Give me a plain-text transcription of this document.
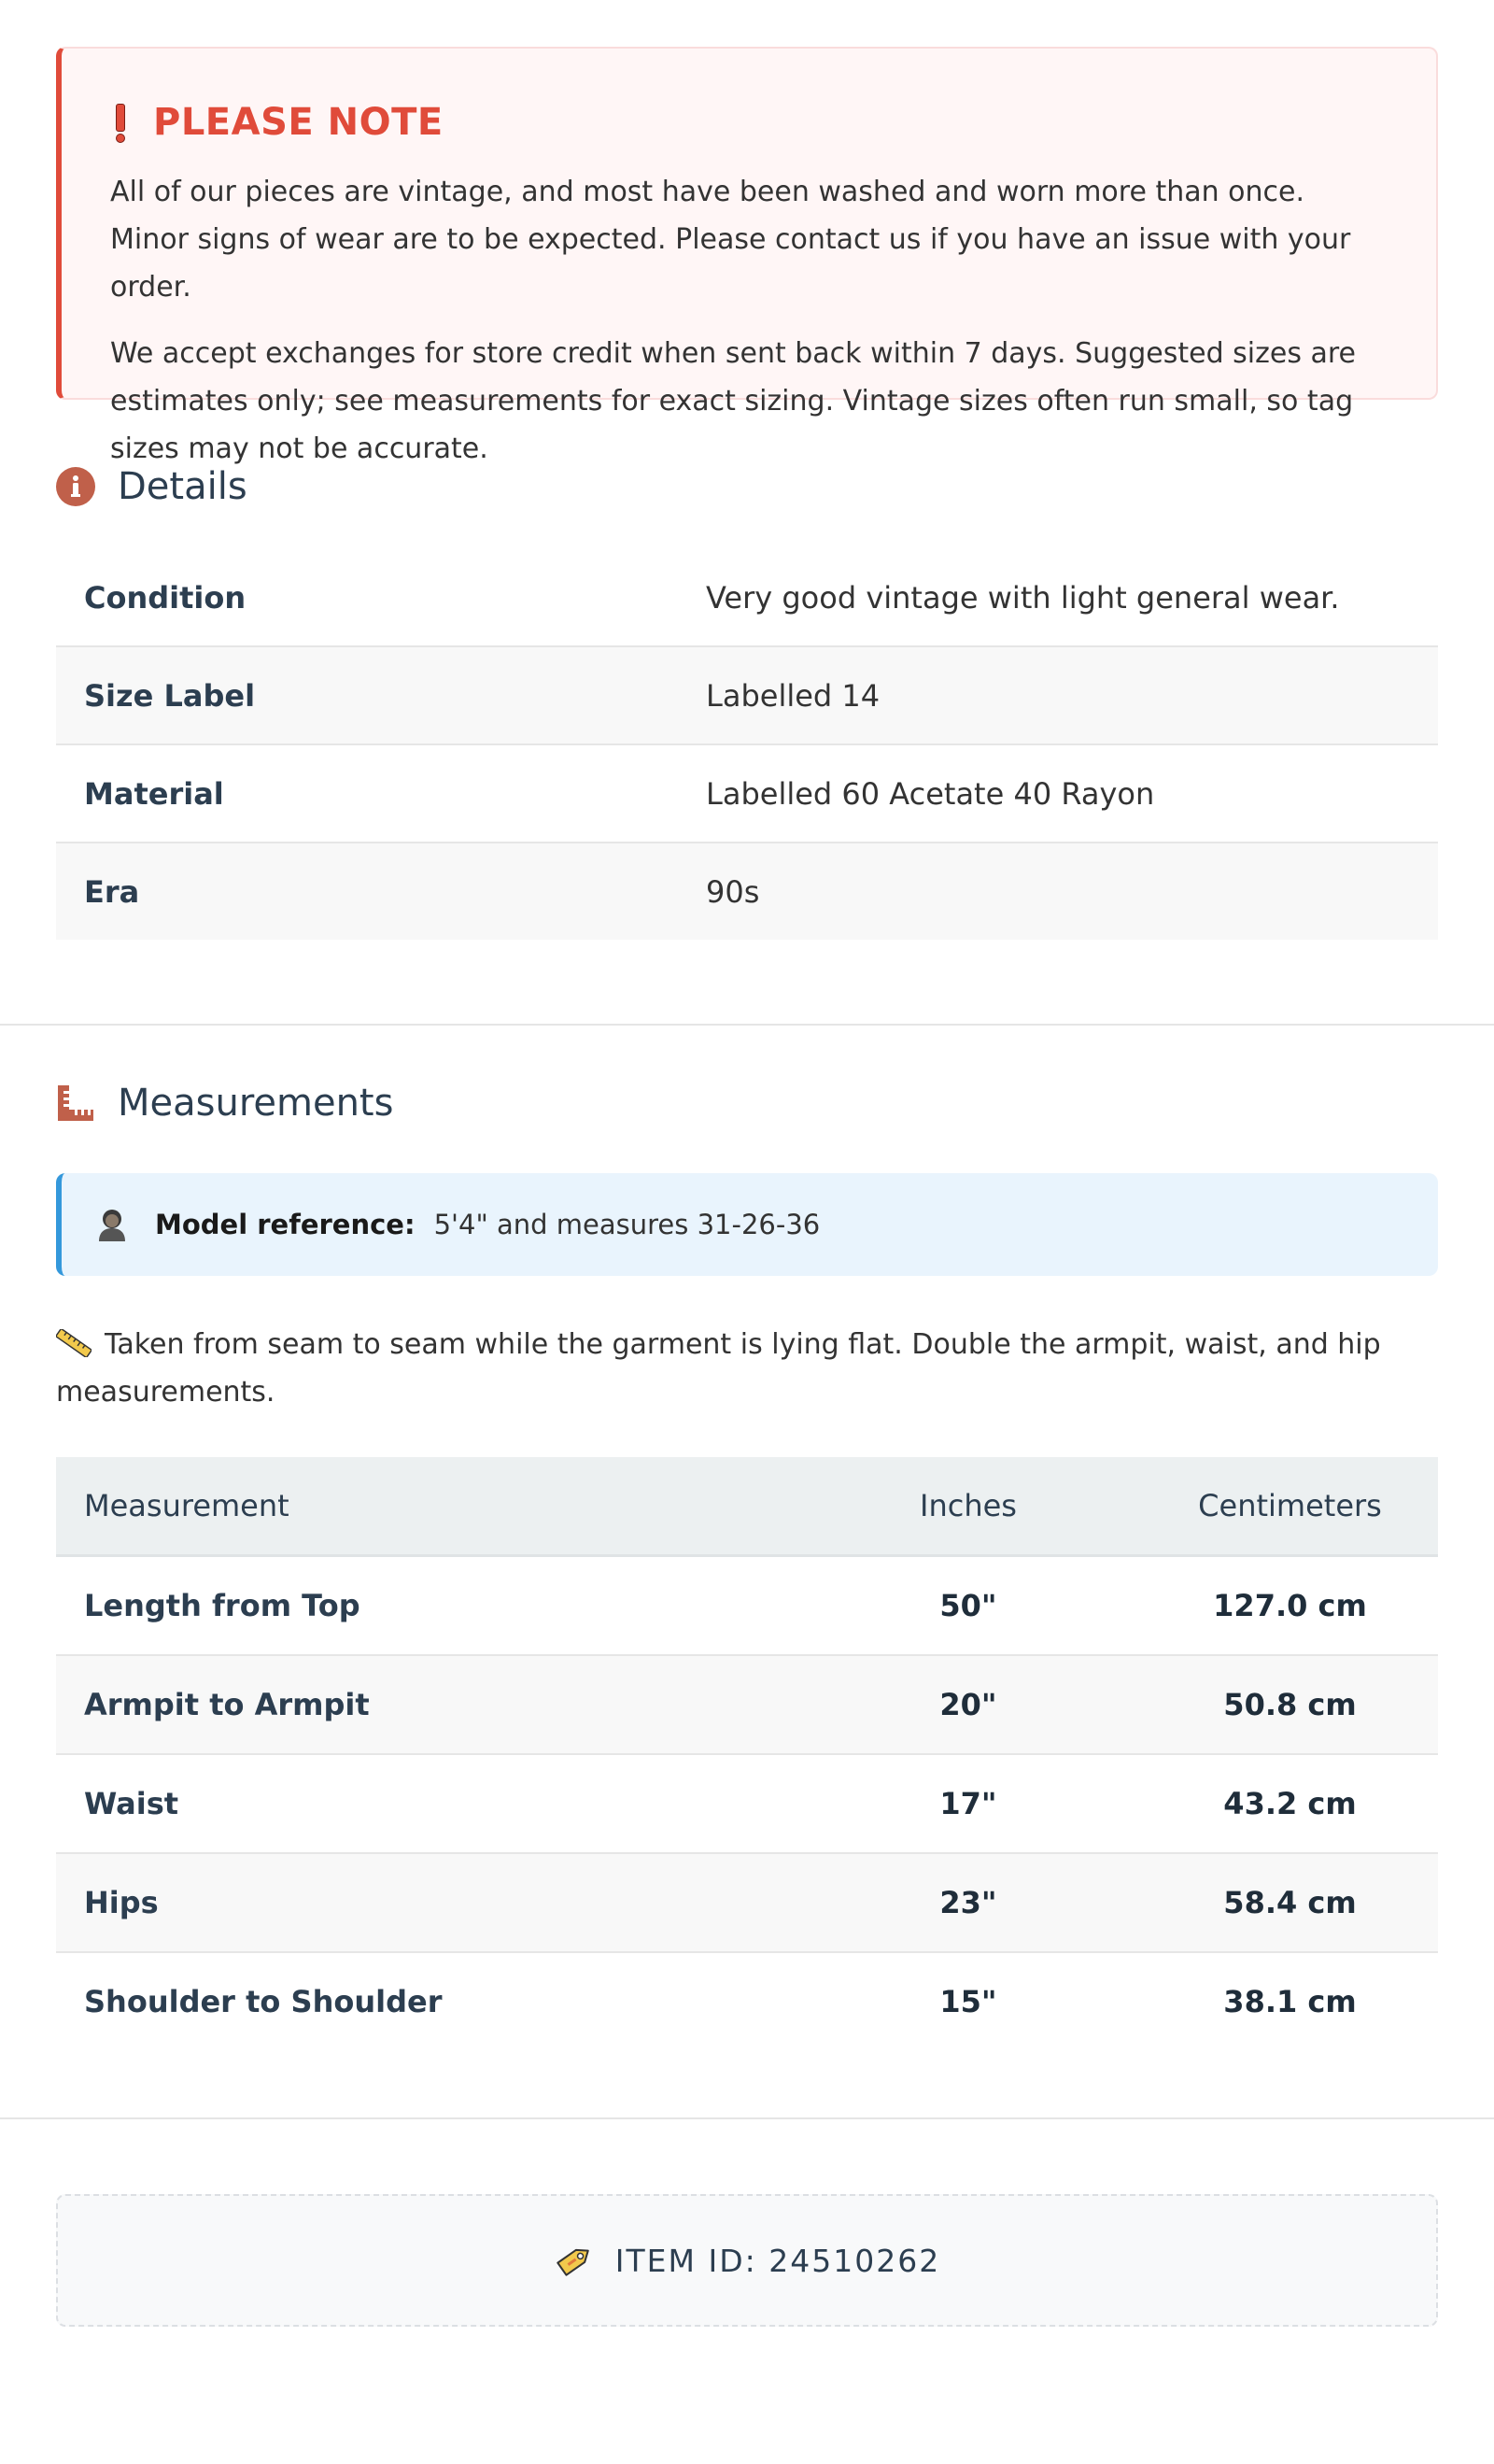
PLEASE NOTE

All of our pieces are vintage, and most have been washed and worn more than once. Minor signs of wear are to be expected. Please contact us if you have an issue with your order.

We accept exchanges for store credit when sent back within 7 days. Suggested sizes are estimates only; see measurements for exact sizing. Vintage sizes often run small, so tag sizes may not be accurate.

Details
Condition	Very good vintage with light general wear.
Size Label	Labelled 14
Material	Labelled 60 Acetate 40 Rayon
Era	90s
Measurements
Model reference: 5'4" and measures 31-26-36
Taken from seam to seam while the garment is lying flat. Double the armpit, waist, and hip measurements.
Measurement	Inches	Centimeters
Length from Top	50"	127.0 cm
Armpit to Armpit	20"	50.8 cm
Waist	17"	43.2 cm
Hips	23"	58.4 cm
Shoulder to Shoulder	15"	38.1 cm
ITEM ID: 24510262
